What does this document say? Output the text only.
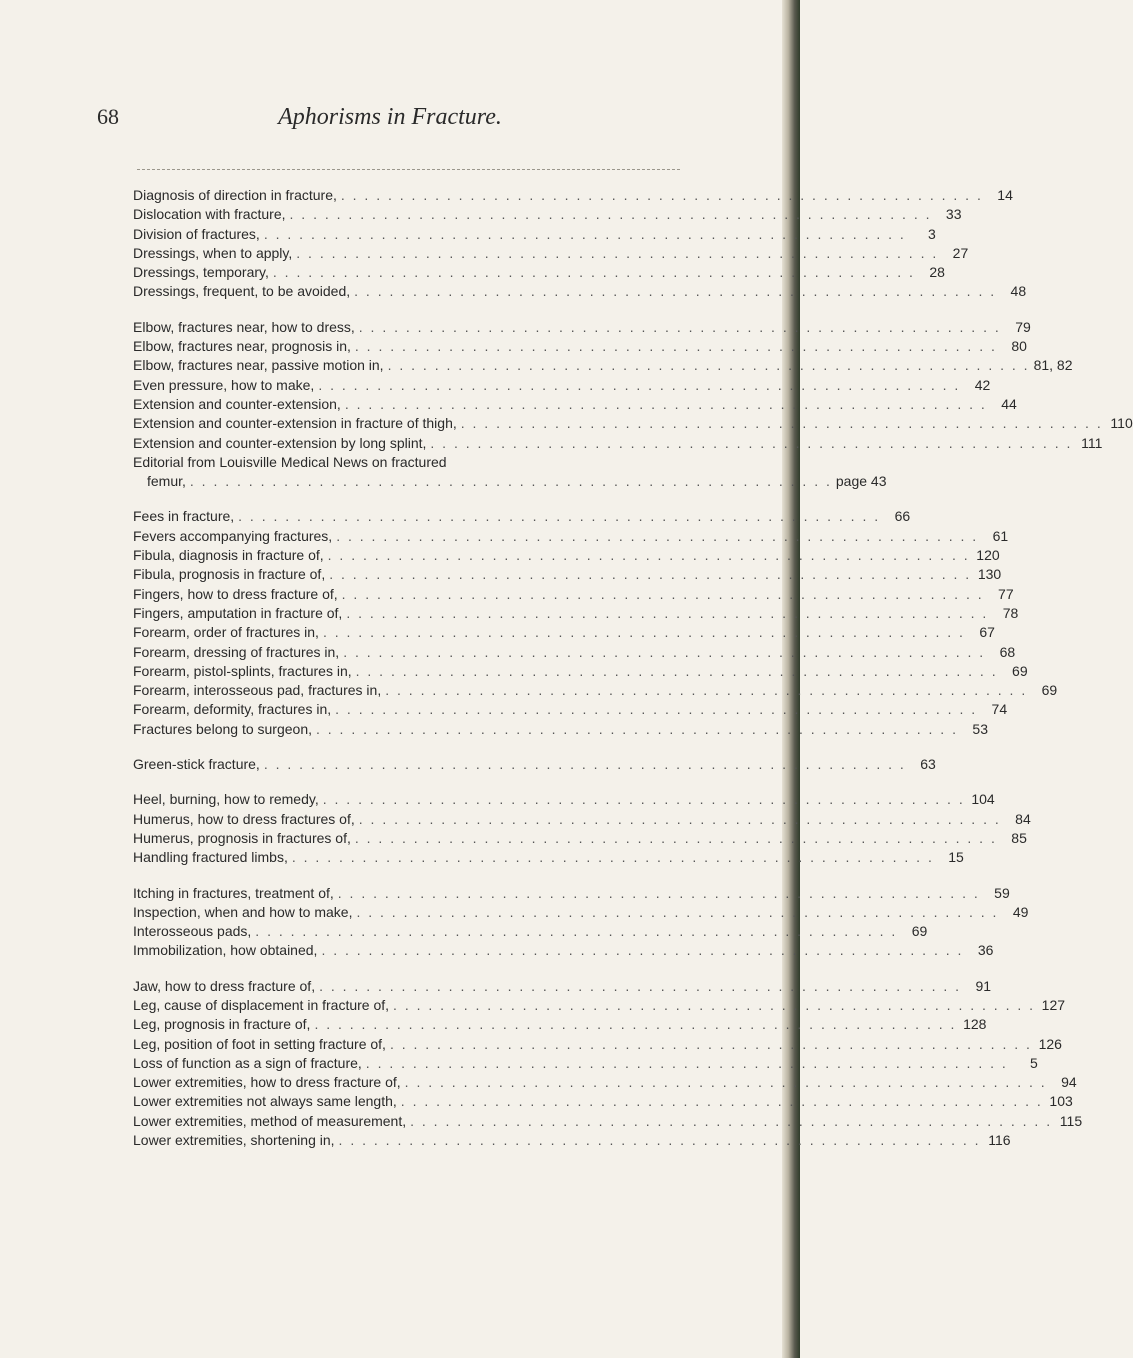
Aphorisms in Fracture.
68
Diagnosis of direction in fracture, . . .	14
Dislocation with fracture, . . .	33
Division of fractures, . . .	3
Dressings, when to apply, . . .	27
Dressings, temporary, . . .	28
Dressings, frequent, to be avoided, . . .	48
Elbow, fractures near, how to dress, . . .	79
Elbow, fractures near, prognosis in, . . .	80
Elbow, fractures near, passive motion in, . . .	81, 82
Even pressure, how to make, . . .	42
Extension and counter-extension, . . .	44
Extension and counter-extension in fracture of thigh, . . .	110
Extension and counter-extension by long splint, . . .	111
Editorial from Louisville Medical News on fractured
femur, . . .	page 43
Fees in fracture, . . .	66
Fevers accompanying fractures, . . .	61
Fibula, diagnosis in fracture of, . . .	120
Fibula, prognosis in fracture of, . . .	130
Fingers, how to dress fracture of, . . .	77
Fingers, amputation in fracture of, . . .	78
Forearm, order of fractures in, . . .	67
Forearm, dressing of fractures in, . . .	68
Forearm, pistol-splints, fractures in, . . .	69
Forearm, interosseous pad, fractures in, . . .	69
Forearm, deformity, fractures in, . . .	74
Fractures belong to surgeon, . . .	53
Green-stick fracture, . . .	63
Heel, burning, how to remedy, . . .	104
Humerus, how to dress fractures of, . . .	84
Humerus, prognosis in fractures of, . . .	85
Handling fractured limbs, . . .	15
Itching in fractures, treatment of, . . .	59
Inspection, when and how to make, . . .	49
Interosseous pads, . . .	69
Immobilization, how obtained, . . .	36
Jaw, how to dress fracture of, . . .	91
Leg, cause of displacement in fracture of, . . .	127
Leg, prognosis in fracture of, . . .	128
Leg, position of foot in setting fracture of, . . .	126
Loss of function as a sign of fracture, . . .	5
Lower extremities, how to dress fracture of, . . .	94
Lower extremities not always same length, . . .	103
Lower extremities, method of measurement, . . .	115
Lower extremities, shortening in, . . .	116
